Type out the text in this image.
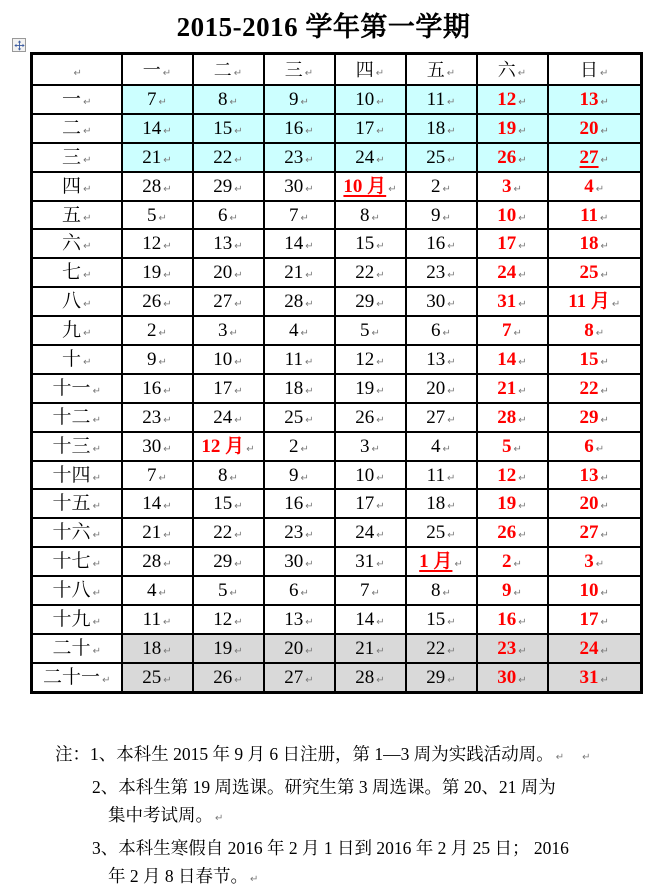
2015-2016 学年第一学期
↵	一 ↵	二 ↵	三 ↵	四 ↵	五 ↵	六 ↵	日 ↵
一 ↵	7 ↵	8 ↵	9 ↵	10 ↵	11 ↵	12 ↵	13 ↵
二 ↵	14 ↵	15 ↵	16 ↵	17 ↵	18 ↵	19 ↵	20 ↵
三 ↵	21 ↵	22 ↵	23 ↵	24 ↵	25 ↵	26 ↵	27 ↵
四 ↵	28 ↵	29 ↵	30 ↵	10 月 ↵	2 ↵	3 ↵	4 ↵
五 ↵	5 ↵	6 ↵	7 ↵	8 ↵	9 ↵	10 ↵	11 ↵
六 ↵	12 ↵	13 ↵	14 ↵	15 ↵	16 ↵	17 ↵	18 ↵
七 ↵	19 ↵	20 ↵	21 ↵	22 ↵	23 ↵	24 ↵	25 ↵
八 ↵	26 ↵	27 ↵	28 ↵	29 ↵	30 ↵	31 ↵	11 月 ↵
九 ↵	2 ↵	3 ↵	4 ↵	5 ↵	6 ↵	7 ↵	8 ↵
十 ↵	9 ↵	10 ↵	11 ↵	12 ↵	13 ↵	14 ↵	15 ↵
十一 ↵	16 ↵	17 ↵	18 ↵	19 ↵	20 ↵	21 ↵	22 ↵
十二 ↵	23 ↵	24 ↵	25 ↵	26 ↵	27 ↵	28 ↵	29 ↵
十三 ↵	30 ↵	12 月 ↵	2 ↵	3 ↵	4 ↵	5 ↵	6 ↵
十四 ↵	7 ↵	8 ↵	9 ↵	10 ↵	11 ↵	12 ↵	13 ↵
十五 ↵	14 ↵	15 ↵	16 ↵	17 ↵	18 ↵	19 ↵	20 ↵
十六 ↵	21 ↵	22 ↵	23 ↵	24 ↵	25 ↵	26 ↵	27 ↵
十七 ↵	28 ↵	29 ↵	30 ↵	31 ↵	1 月 ↵	2 ↵	3 ↵
十八 ↵	4 ↵	5 ↵	6 ↵	7 ↵	8 ↵	9 ↵	10 ↵
十九 ↵	11 ↵	12 ↵	13 ↵	14 ↵	15 ↵	16 ↵	17 ↵
二十 ↵	18 ↵	19 ↵	20 ↵	21 ↵	22 ↵	23 ↵	24 ↵
二十一 ↵	25 ↵	26 ↵	27 ↵	28 ↵	29 ↵	30 ↵	31 ↵
注：1、本科生 2015 年 9 月 6 日注册，第 1—3 周为实践活动周。 ↵ ↵
2、本科生第 19 周选课。研究生第 3 周选课。第 20、21 周为
集中考试周。 ↵
3、本科生寒假自 2016 年 2 月 1 日到 2016 年 2 月 25 日； 2016
年 2 月 8 日春节。 ↵
